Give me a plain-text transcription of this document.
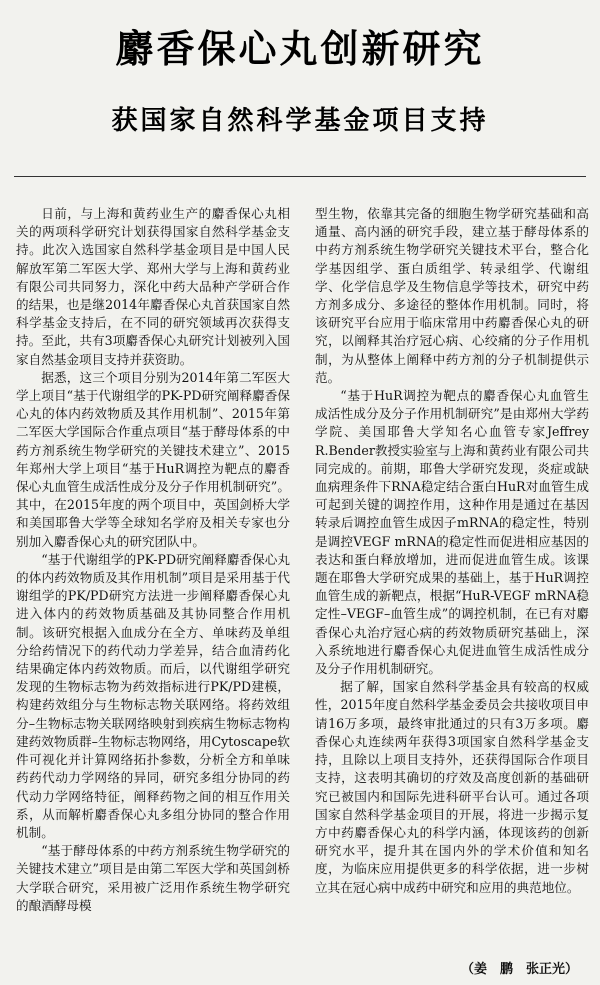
麝香保心丸创新研究
获国家自然科学基金项目支持

日前，与上海和黄药业生产的麝香保心丸相关的两项科学研究计划获得国家自然科学基金支持。此次入选国家自然科学基金项目是中国人民解放军第二军医大学、郑州大学与上海和黄药业有限公司共同努力，深化中药大品种产学研合作的结果，也是继2014年麝香保心丸首获国家自然科学基金支持后，在不同的研究领域再次获得支持。至此，共有3项麝香保心丸研究计划被列入国家自然基金项目支持并获资助。

据悉，这三个项目分别为2014年第二军医大学上项目“基于代谢组学的PK-PD研究阐释麝香保心丸的体内药效物质及其作用机制”、2015年第二军医大学国际合作重点项目“基于酵母体系的中药方剂系统生物学研究的关键技术建立”、2015年郑州大学上项目“基于HuR调控为靶点的麝香保心丸血管生成活性成分及分子作用机制研究”。其中，在2015年度的两个项目中，英国剑桥大学和美国耶鲁大学等全球知名学府及相关专家也分别加入麝香保心丸的研究团队中。

“基于代谢组学的PK-PD研究阐释麝香保心丸的体内药效物质及其作用机制”项目是采用基于代谢组学的PK/PD研究方法进一步阐释麝香保心丸进入体内的药效物质基础及其协同整合作用机制。该研究根据入血成分在全方、单味药及单组分给药情况下的药代动力学差异，结合血清药化结果确定体内药效物质。而后，以代谢组学研究发现的生物标志物为药效指标进行PK/PD建模，构建药效组分与生物标志物关联网络。将药效组分–生物标志物关联网络映射到疾病生物标志物构建药效物质群–生物标志物网络，用Cytoscape软件可视化并计算网络拓扑参数，分析全方和单味药药代动力学网络的异同，研究多组分协同的药代动力学网络特征，阐释药物之间的相互作用关系，从而解析麝香保心丸多组分协同的整合作用机制。

“基于酵母体系的中药方剂系统生物学研究的关键技术建立”项目是由第二军医大学和英国剑桥大学联合研究，采用被广泛用作系统生物学研究的酿酒酵母模

型生物，依靠其完备的细胞生物学研究基础和高通量、高内涵的研究手段，建立基于酵母体系的中药方剂系统生物学研究关键技术平台，整合化学基因组学、蛋白质组学、转录组学、代谢组学、化学信息学及生物信息学等技术，研究中药方剂多成分、多途径的整体作用机制。同时，将该研究平台应用于临床常用中药麝香保心丸的研究，以阐释其治疗冠心病、心绞痛的分子作用机制，为从整体上阐释中药方剂的分子机制提供示范。

“基于HuR调控为靶点的麝香保心丸血管生成活性成分及分子作用机制研究”是由郑州大学药学院、美国耶鲁大学知名心血管专家Jeffrey R.Bender教授实验室与上海和黄药业有限公司共同完成的。前期，耶鲁大学研究发现，炎症或缺血病理条件下RNA稳定结合蛋白HuR对血管生成可起到关键的调控作用，这种作用是通过在基因转录后调控血管生成因子mRNA的稳定性，特别是调控VEGF mRNA的稳定性而促进相应基因的表达和蛋白释放增加，进而促进血管生成。该课题在耶鲁大学研究成果的基础上，基于HuR调控血管生成的新靶点，根据“HuR-VEGF mRNA稳定性–VEGF–血管生成”的调控机制，在已有对麝香保心丸治疗冠心病的药效物质研究基础上，深入系统地进行麝香保心丸促进血管生成活性成分及分子作用机制研究。

据了解，国家自然科学基金具有较高的权威性，2015年度自然科学基金委员会共接收项目申请16万多项，最终审批通过的只有3万多项。麝香保心丸连续两年获得3项国家自然科学基金支持，且除以上项目支持外，还获得国际合作项目支持，这表明其确切的疗效及高度创新的基础研究已被国内和国际先进科研平台认可。通过各项国家自然科学基金项目的开展，将进一步揭示复方中药麝香保心丸的科学内涵，体现该药的创新研究水平，提升其在国内外的学术价值和知名度，为临床应用提供更多的科学依据，进一步树立其在冠心病中成药中研究和应用的典范地位。

（姜　鹏　张正光）
